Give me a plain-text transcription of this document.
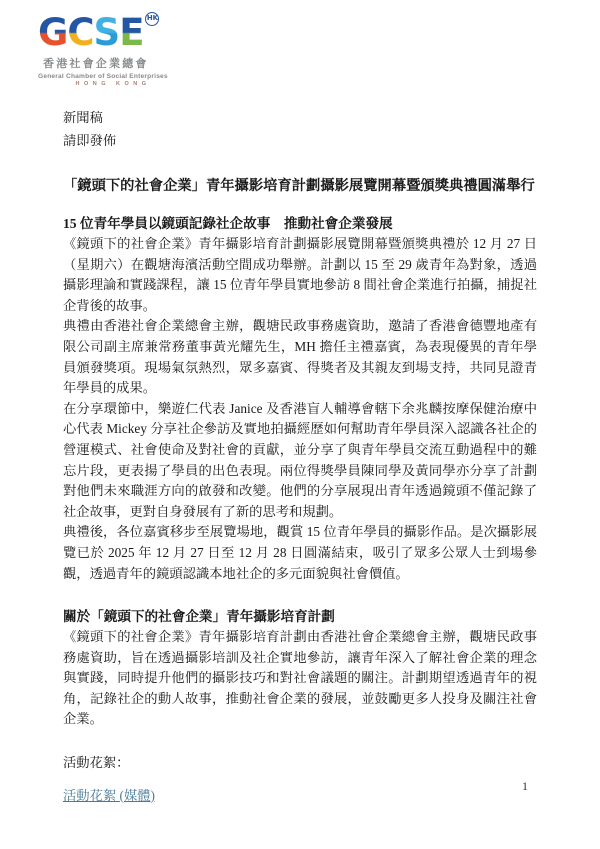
G C S E HK
香港社會企業總會
General Chamber of Social Enterprises
HONG KONG
新聞稿
請即發佈
「鏡頭下的社會企業」青年攝影培育計劃攝影展覽開幕暨頒獎典禮圓滿舉行
15 位青年學員以鏡頭記錄社企故事　推動社會企業發展

《鏡頭下的社會企業》青年攝影培育計劃攝影展覽開幕暨頒獎典禮於 12 月 27 日（星期六）在觀塘海濱活動空間成功舉辦。計劃以 15 至 29 歲青年為對象，透過攝影理論和實踐課程，讓 15 位青年學員實地參訪 8 間社會企業進行拍攝，捕捉社企背後的故事。

典禮由香港社會企業總會主辦，觀塘民政事務處資助，邀請了香港會德豐地產有限公司副主席兼常務董事黃光耀先生，MH 擔任主禮嘉賓，為表現優異的青年學員頒發獎項。現場氣氛熱烈，眾多嘉賓、得獎者及其親友到場支持，共同見證青年學員的成果。

在分享環節中，樂遊仁代表 Janice 及香港盲人輔導會轄下余兆麟按摩保健治療中心代表 Mickey 分享社企參訪及實地拍攝經歷如何幫助青年學員深入認識各社企的營運模式、社會使命及對社會的貢獻，並分享了與青年學員交流互動過程中的難忘片段，更表揚了學員的出色表現。兩位得獎學員陳同學及黃同學亦分享了計劃對他們未來職涯方向的啟發和改變。他們的分享展現出青年透過鏡頭不僅記錄了社企故事，更對自身發展有了新的思考和規劃。

典禮後，各位嘉賓移步至展覽場地，觀賞 15 位青年學員的攝影作品。是次攝影展覽已於 2025 年 12 月 27 日至 12 月 28 日圓滿結束，吸引了眾多公眾人士到場參觀，透過青年的鏡頭認識本地社企的多元面貌與社會價值。

關於「鏡頭下的社會企業」青年攝影培育計劃

《鏡頭下的社會企業》青年攝影培育計劃由香港社會企業總會主辦，觀塘民政事務處資助，旨在透過攝影培訓及社企實地參訪，讓青年深入了解社會企業的理念與實踐，同時提升他們的攝影技巧和對社會議題的關注。計劃期望透過青年的視角，記錄社企的動人故事，推動社會企業的發展，並鼓勵更多人投身及關注社會企業。

活動花絮：

活動花絮 (媒體)
1
